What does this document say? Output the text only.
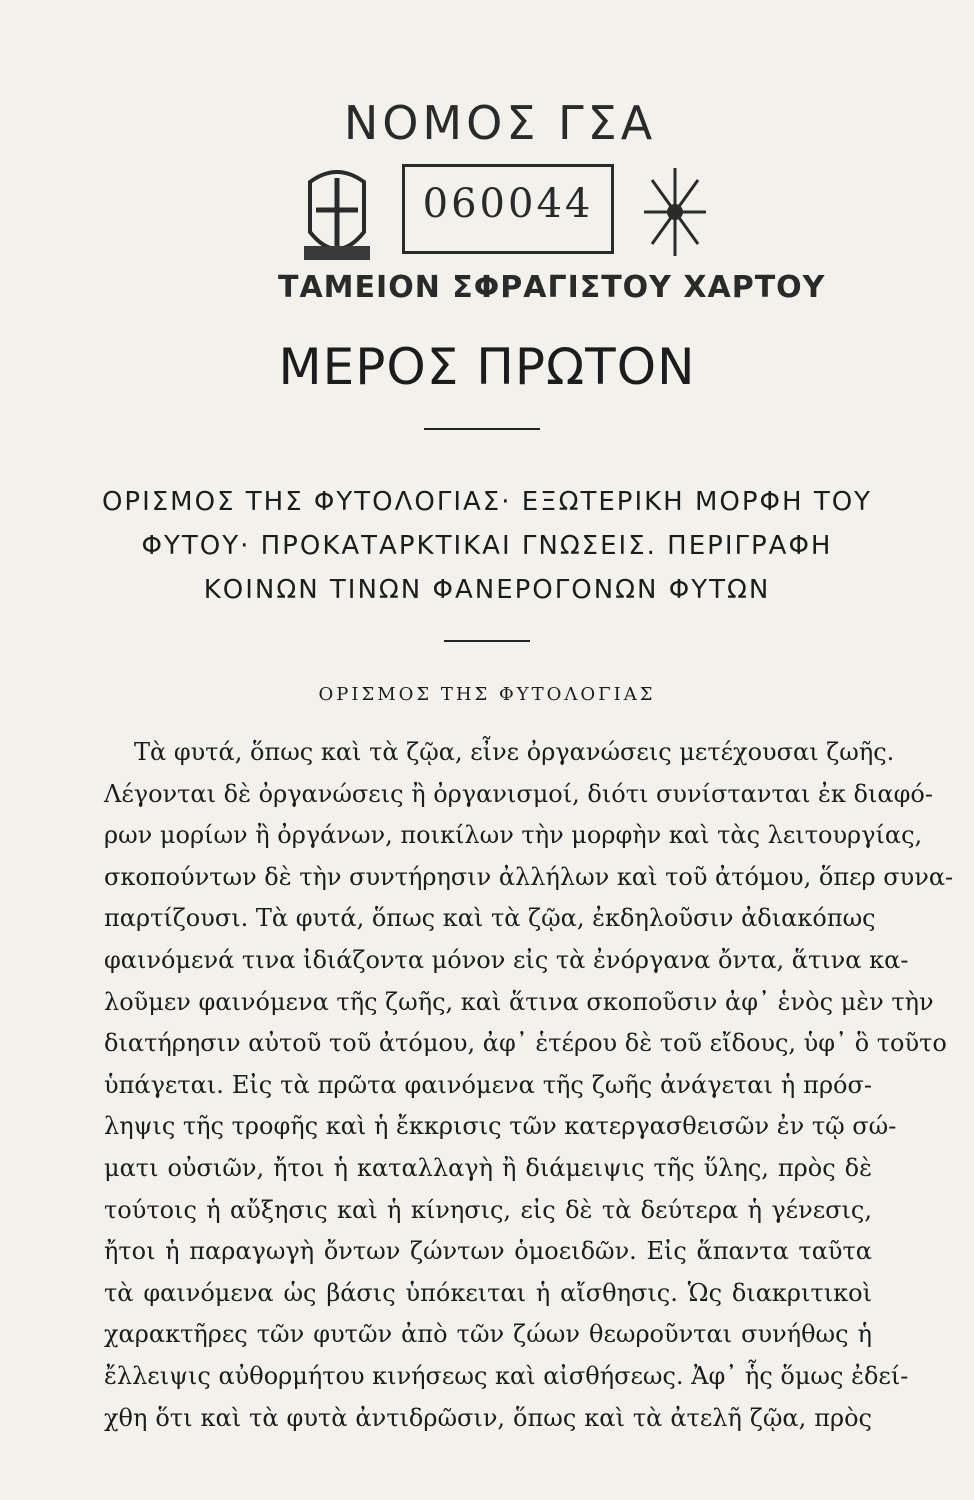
ΝΟΜΟΣ ΓΣΑ
060044
ΤΑΜΕΙΟΝ ΣΦΡΑΓΙΣΤΟΥ ΧΑΡΤΟΥ
ΜΕΡΟΣ ΠΡΩΤΟΝ
ΟΡΙΣΜΟΣ ΤΗΣ ΦΥΤΟΛΟΓΙΑΣ· ΕΞΩΤΕΡΙΚΗ ΜΟΡΦΗ ΤΟΥ
ΦΥΤΟΥ· ΠΡΟΚΑΤΑΡΚΤΙΚΑΙ ΓΝΩΣΕΙΣ. ΠΕΡΙΓΡΑΦΗ
ΚΟΙΝΩΝ ΤΙΝΩΝ ΦΑΝΕΡΟΓΟΝΩΝ ΦΥΤΩΝ
ΟΡΙΣΜΟΣ ΤΗΣ ΦΥΤΟΛΟΓΙΑΣ
Τὰ φυτά, ὅπως καὶ τὰ ζῷα, εἶνε ὀργανώσεις μετέχουσαι ζωῆς.
Λέγονται δὲ ὀργανώσεις ἢ ὀργανισμοί, διότι συνίστανται ἐκ διαφό-
ρων μορίων ἢ ὀργάνων, ποικίλων τὴν μορφὴν καὶ τὰς λειτουργίας,
σκοπούντων δὲ τὴν συντήρησιν ἀλλήλων καὶ τοῦ ἀτόμου, ὅπερ συνα-
παρτίζουσι. Τὰ φυτά, ὅπως καὶ τὰ ζῷα, ἐκδηλοῦσιν ἀδιακόπως
φαινόμενά τινα ἰδιάζοντα μόνον εἰς τὰ ἐνόργανα ὄντα, ἅτινα κα-
λοῦμεν φαινόμενα τῆς ζωῆς, καὶ ἅτινα σκοποῦσιν ἀφ᾽ ἑνὸς μὲν τὴν
διατήρησιν αὐτοῦ τοῦ ἀτόμου, ἀφ᾽ ἑτέρου δὲ τοῦ εἴδους, ὑφ᾽ ὃ τοῦτο
ὑπάγεται. Εἰς τὰ πρῶτα φαινόμενα τῆς ζωῆς ἀνάγεται ἡ πρόσ-
ληψις τῆς τροφῆς καὶ ἡ ἔκκρισις τῶν κατεργασθεισῶν ἐν τῷ σώ-
ματι οὐσιῶν, ἤτοι ἡ καταλλαγὴ ἢ διάμειψις τῆς ὕλης, πρὸς δὲ
τούτοις ἡ αὔξησις καὶ ἡ κίνησις, εἰς δὲ τὰ δεύτερα ἡ γένεσις,
ἤτοι ἡ παραγωγὴ ὄντων ζώντων ὁμοειδῶν. Εἰς ἅπαντα ταῦτα
τὰ φαινόμενα ὡς βάσις ὑπόκειται ἡ αἴσθησις. Ὡς διακριτικοὶ
χαρακτῆρες τῶν φυτῶν ἀπὸ τῶν ζώων θεωροῦνται συνήθως ἡ
ἔλλειψις αὐθορμήτου κινήσεως καὶ αἰσθήσεως. Ἀφ᾽ ἧς ὅμως ἐδεί-
χθη ὅτι καὶ τὰ φυτὰ ἀντιδρῶσιν, ὅπως καὶ τὰ ἀτελῆ ζῷα, πρὸς
